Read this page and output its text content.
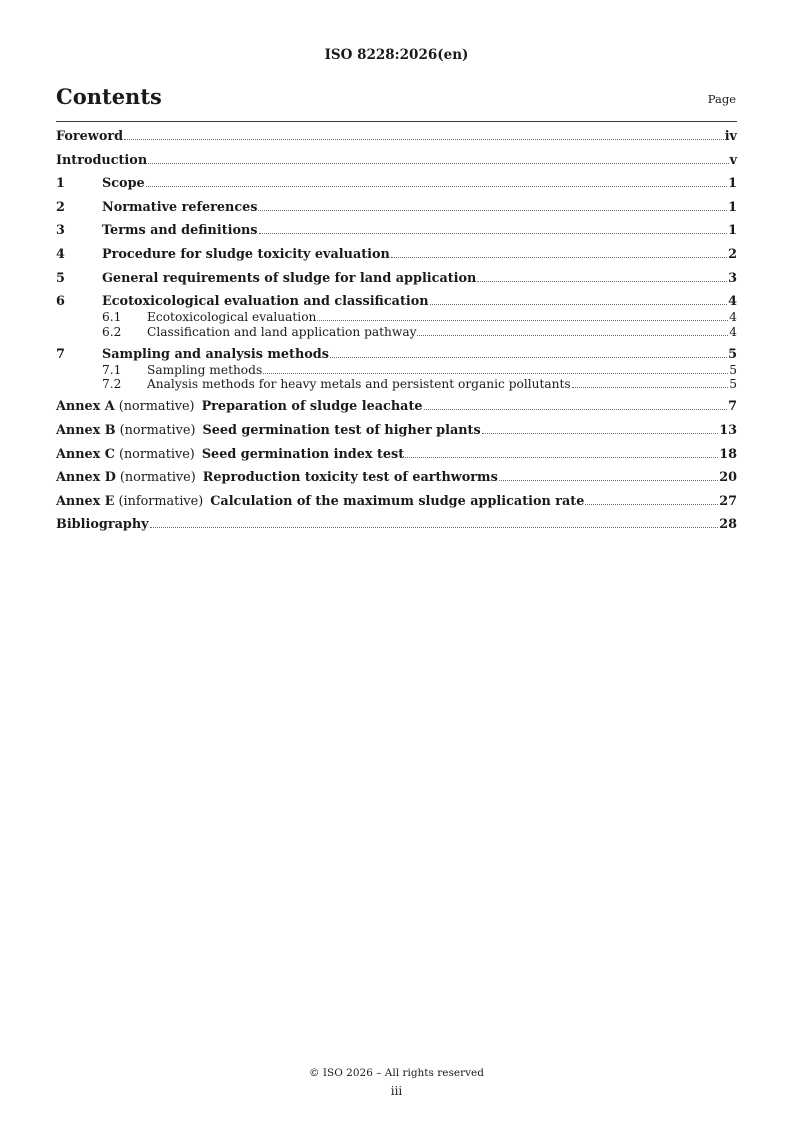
ISO 8228:2026(en)
Contents	Page
Foreword	iv
Introduction	v
1	Scope	1
2	Normative references	1
3	Terms and definitions	1
4	Procedure for sludge toxicity evaluation	2
5	General requirements of sludge for land application	3
6	Ecotoxicological evaluation and classification	4
6.1	Ecotoxicological evaluation	4
6.2	Classification and land application pathway	4
7	Sampling and analysis methods	5
7.1	Sampling methods	5
7.2	Analysis methods for heavy metals and persistent organic pollutants	5
Annex A (normative) Preparation of sludge leachate	7
Annex B (normative) Seed germination test of higher plants	13
Annex C (normative) Seed germination index test	18
Annex D (normative) Reproduction toxicity test of earthworms	20
Annex E (informative) Calculation of the maximum sludge application rate	27
Bibliography	28
© ISO 2026 – All rights reserved
iii
